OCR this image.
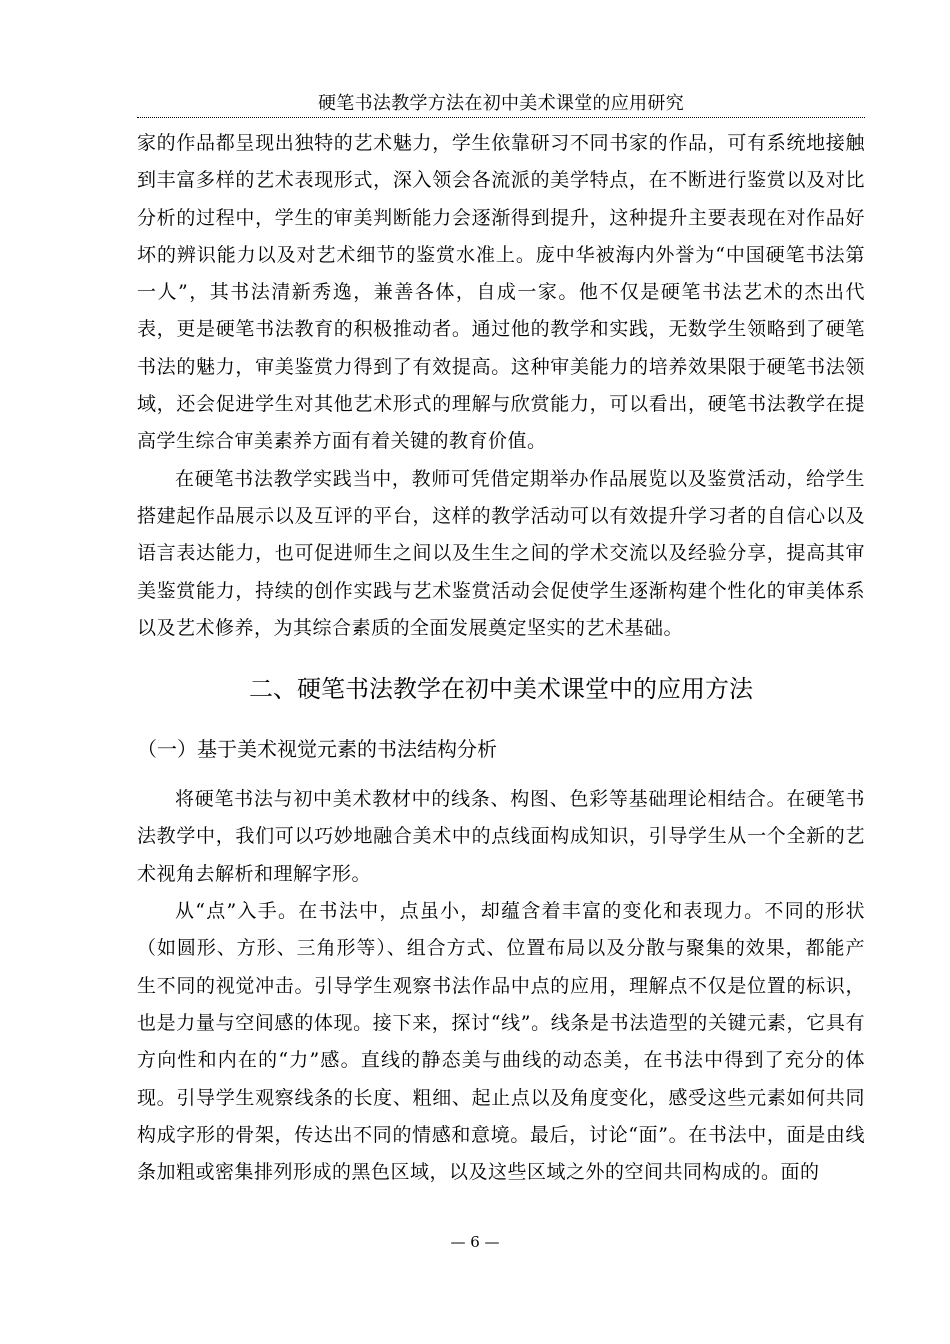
硬笔书法教学方法在初中美术课堂的应用研究

家的作品都呈现出独特的艺术魅力，学生依靠研习不同书家的作品，可有系统地接触到丰富多样的艺术表现形式，深入领会各流派的美学特点，在不断进行鉴赏以及对比分析的过程中，学生的审美判断能力会逐渐得到提升，这种提升主要表现在对作品好坏的辨识能力以及对艺术细节的鉴赏水准上。庞中华被海内外誉为“中国硬笔书法第一人”，其书法清新秀逸，兼善各体，自成一家。他不仅是硬笔书法艺术的杰出代表，更是硬笔书法教育的积极推动者。通过他的教学和实践，无数学生领略到了硬笔书法的魅力，审美鉴赏力得到了有效提高。这种审美能力的培养效果限于硬笔书法领域，还会促进学生对其他艺术形式的理解与欣赏能力，可以看出，硬笔书法教学在提高学生综合审美素养方面有着关键的教育价值。

在硬笔书法教学实践当中，教师可凭借定期举办作品展览以及鉴赏活动，给学生搭建起作品展示以及互评的平台，这样的教学活动可以有效提升学习者的自信心以及语言表达能力，也可促进师生之间以及生生之间的学术交流以及经验分享，提高其审美鉴赏能力，持续的创作实践与艺术鉴赏活动会促使学生逐渐构建个性化的审美体系以及艺术修养，为其综合素质的全面发展奠定坚实的艺术基础。

二、硬笔书法教学在初中美术课堂中的应用方法
（一）基于美术视觉元素的书法结构分析

将硬笔书法与初中美术教材中的线条、构图、色彩等基础理论相结合。在硬笔书法教学中，我们可以巧妙地融合美术中的点线面构成知识，引导学生从一个全新的艺术视角去解析和理解字形。

从“点”入手。在书法中，点虽小，却蕴含着丰富的变化和表现力。不同的形状（如圆形、方形、三角形等）、组合方式、位置布局以及分散与聚集的效果，都能产生不同的视觉冲击。引导学生观察书法作品中点的应用，理解点不仅是位置的标识，也是力量与空间感的体现。接下来，探讨“线”。线条是书法造型的关键元素，它具有方向性和内在的“力”感。直线的静态美与曲线的动态美，在书法中得到了充分的体现。引导学生观察线条的长度、粗细、起止点以及角度变化，感受这些元素如何共同构成字形的骨架，传达出不同的情感和意境。最后，讨论“面”。在书法中，面是由线条加粗或密集排列形成的黑色区域，以及这些区域之外的空间共同构成的。面的

— 6 —
